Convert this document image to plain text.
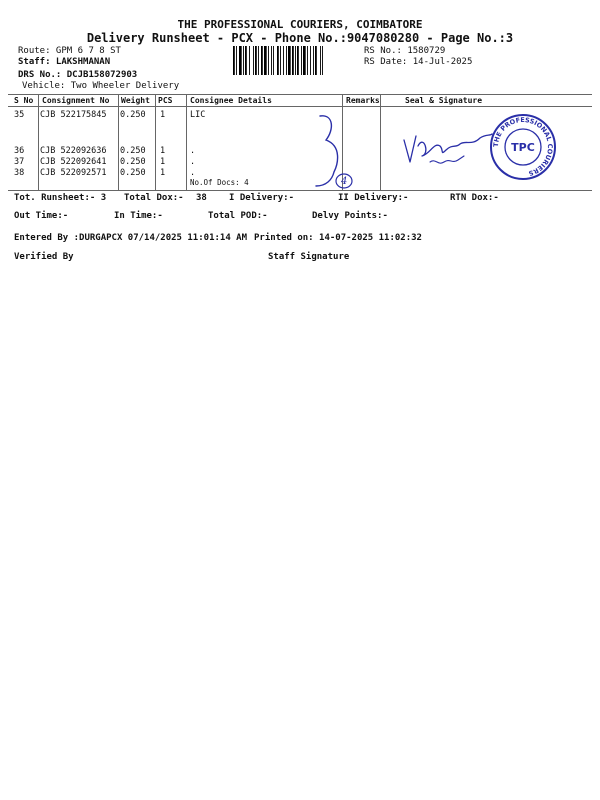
THE PROFESSIONAL COURIERS, COIMBATORE
Delivery Runsheet - PCX - Phone No.:9047080280 - Page No.:3
Route: GPM 6 7 8 ST
Staff: LAKSHMANAN
DRS No.: DCJB158072903
Vehicle: Two Wheeler Delivery
RS No.: 1580729
RS Date: 14-Jul-2025
S No Consignment No Weight PCS Consignee Details	Remarks	Seal & Signature
35 CJB 522175845 0.250 1	LIC
36 CJB 522092636 0.250 1	.
37 CJB 522092641 0.250 1	.
38 CJB 522092571 0.250 1	.
No.Of Docs: 4	4
THE PROFESSIONAL COURIERS
TPC
Tot. Runsheet:- 3 Total Dox:- 38 I Delivery:-	II Delivery:-	RTN Dox:-
Out Time:-	In Time:-	Total POD:-	Delvy Points:-
Entered By :DURGAPCX 07/14/2025 11:01:14 AM Printed on: 14-07-2025 11:02:32
Verified By	Staff Signature
